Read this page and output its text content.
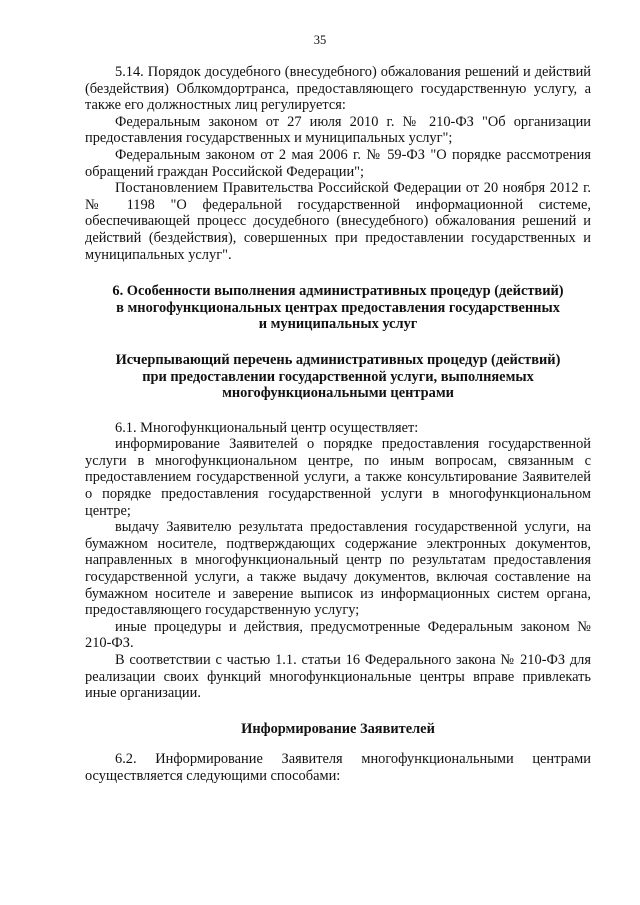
35

5.14. Порядок досудебного (внесудебного) обжалования решений и действий (бездействия) Облкомдортранса, предоставляющего государственную услугу, а также его должностных лиц регулируется:

Федеральным законом от 27 июля 2010 г. № 210-ФЗ "Об организации предоставления государственных и муниципальных услуг";

Федеральным законом от 2 мая 2006 г. № 59-ФЗ "О порядке рассмотрения обращений граждан Российской Федерации";

Постановлением Правительства Российской Федерации от 20 ноября 2012 г. № 1198 "О федеральной государственной информационной системе, обеспечивающей процесс досудебного (внесудебного) обжалования решений и действий (бездействия), совершенных при предоставлении государственных и муниципальных услуг".

6. Особенности выполнения административных процедур (действий)

в многофункциональных центрах предоставления государственных

и муниципальных услуг

Исчерпывающий перечень административных процедур (действий)

при предоставлении государственной услуги, выполняемых

многофункциональными центрами

6.1. Многофункциональный центр осуществляет:

информирование Заявителей о порядке предоставления государственной услуги в многофункциональном центре, по иным вопросам, связанным с предоставлением государственной услуги, а также консультирование Заявителей о порядке предоставления государственной услуги в многофункциональном центре;

выдачу Заявителю результата предоставления государственной услуги, на бумажном носителе, подтверждающих содержание электронных документов, направленных в многофункциональный центр по результатам предоставления государственной услуги, а также выдачу документов, включая составление на бумажном носителе и заверение выписок из информационных систем органа, предоставляющего государственную услугу;

иные процедуры и действия, предусмотренные Федеральным законом № 210-ФЗ.

В соответствии с частью 1.1. статьи 16 Федерального закона № 210-ФЗ для реализации своих функций многофункциональные центры вправе привлекать иные организации.

Информирование Заявителей

6.2. Информирование Заявителя многофункциональными центрами осуществляется следующими способами:
